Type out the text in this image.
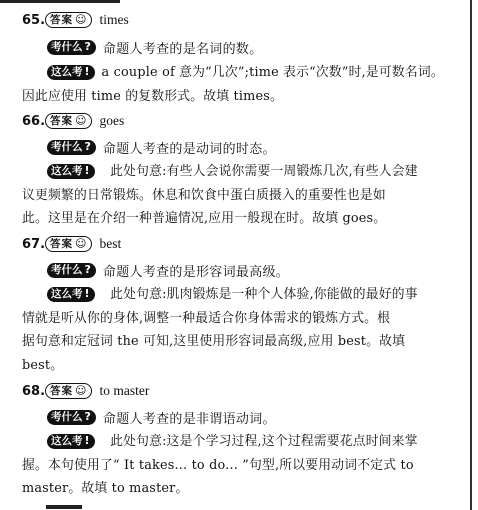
65. 答案 ☺ times
考什么 ? 命题人考查的是名词的数。
这么考 ! a couple of 意为“几次”;time 表示“次数”时,是可数名词。
因此应使用 time 的复数形式。故填 times。
66. 答案 ☺ goes
考什么 ? 命题人考查的是动词的时态。
这么考 ! 此处句意:有些人会说你需要一周锻炼几次,有些人会建
议更频繁的日常锻炼。休息和饮食中蛋白质摄入的重要性也是如
此。这里是在介绍一种普遍情况,应用一般现在时。故填 goes。
67. 答案 ☺ best
考什么 ? 命题人考查的是形容词最高级。
这么考 ! 此处句意:肌肉锻炼是一种个人体验,你能做的最好的事
情就是听从你的身体,调整一种最适合你身体需求的锻炼方式。根
据句意和定冠词 the 可知,这里使用形容词最高级,应用 best。故填
best。
68. 答案 ☺ to master
考什么 ? 命题人考查的是非谓语动词。
这么考 ! 此处句意:这是个学习过程,这个过程需要花点时间来掌
握。本句使用了“ It takes... to do... ”句型,所以要用动词不定式 to
master。故填 to master。
